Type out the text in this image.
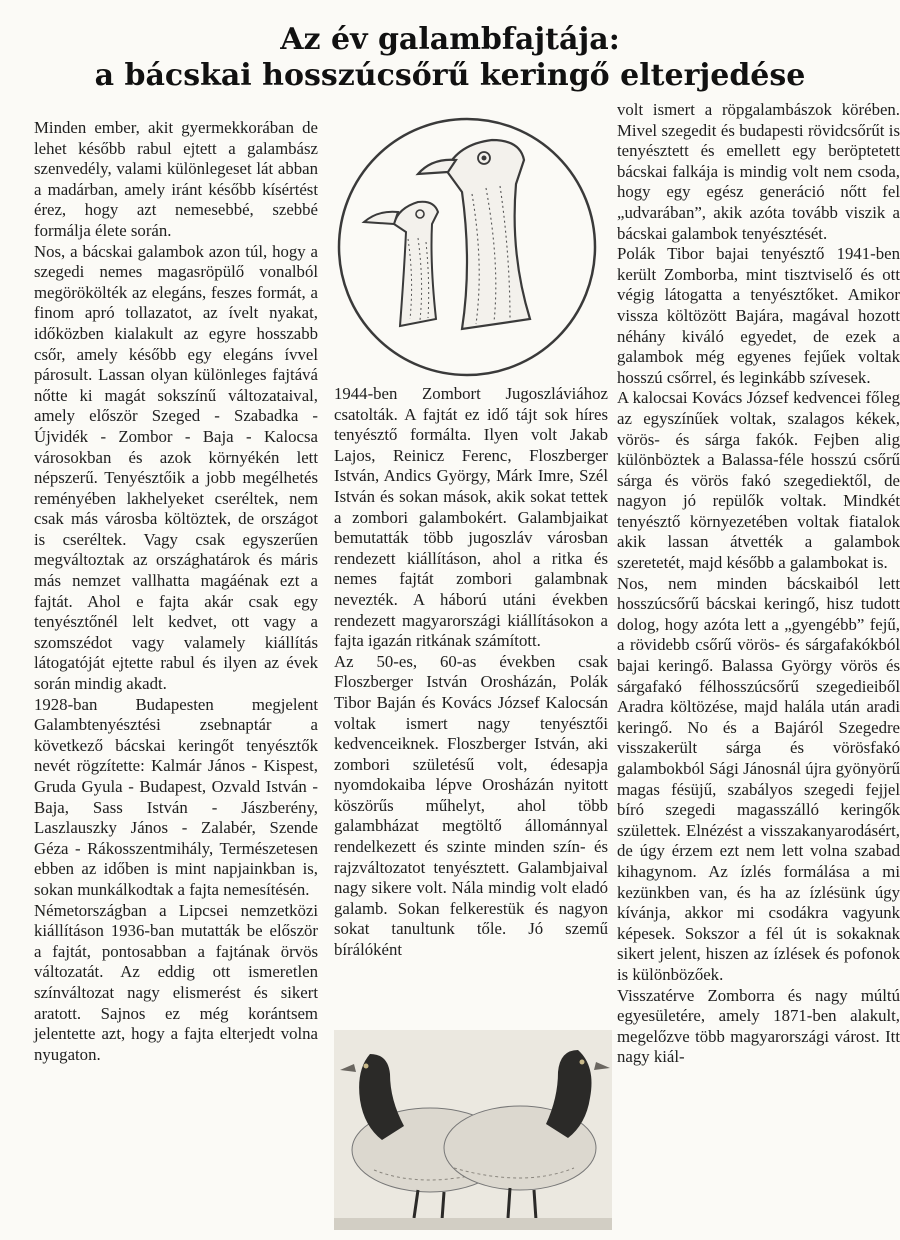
Az év galambfajtája:
a bácskai hosszúcsőrű keringő elterjedése

Minden ember, akit gyermekkorában de lehet később rabul ejtett a galambász szenvedély, valami különlegeset lát abban a madárban, amely iránt később kísértést érez, hogy azt nemesebbé, szebbé formálja élete során.

Nos, a bácskai galambok azon túl, hogy a szegedi nemes magasröpülő vonalból megörökölték az elegáns, feszes formát, a finom apró tollazatot, az ívelt nyakat, időközben kialakult az egyre hosszabb csőr, amely később egy elegáns ívvel párosult. Lassan olyan különleges fajtává nőtte ki magát sokszínű változataival, amely először Szeged - Szabadka - Újvidék - Zombor - Baja - Kalocsa városokban és azok környékén lett népszerű. Tenyésztőik a jobb megélhetés reményében lakhelyeket cseréltek, nem csak más városba költöztek, de országot is cseréltek. Vagy csak egyszerűen megváltoztak az országhatárok és máris más nemzet vallhatta magáénak ezt a fajtát. Ahol e fajta akár csak egy tenyésztőnél lelt kedvet, ott vagy a szomszédot vagy valamely kiállítás látogatóját ejtette rabul és ilyen az évek során mindig akadt.

1928-ban Budapesten megjelent Galambtenyésztési zsebnaptár a következő bácskai keringőt tenyésztők nevét rögzítette: Kalmár János - Kispest, Gruda Gyula - Budapest, Ozvald István - Baja, Sass István - Jászberény, Laszlauszky János - Zalabér, Szende Géza - Rákosszentmihály, Természetesen ebben az időben is mint napjainkban is, sokan munkálkodtak a fajta nemesítésén.

Németországban a Lipcsei nemzetközi kiállításon 1936-ban mutatták be először a fajtát, pontosabban a fajtának örvös változatát. Az eddig ott ismeretlen színváltozat nagy elismerést és sikert aratott. Sajnos ez még korántsem jelentette azt, hogy a fajta elterjedt volna nyugaton.

1944-ben Zombort Jugoszláviához csatolták. A fajtát ez idő tájt sok híres tenyésztő formálta. Ilyen volt Jakab Lajos, Reinicz Ferenc, Floszberger István, Andics György, Márk Imre, Szél István és sokan mások, akik sokat tettek a zombori galambokért. Galambjaikat bemutatták több jugoszláv városban rendezett kiállításon, ahol a ritka és nemes fajtát zombori galambnak nevezték. A háború utáni években rendezett magyarországi kiállításokon a fajta igazán ritkának számított.

Az 50-es, 60-as években csak Floszberger István Orosházán, Polák Tibor Baján és Kovács József Kalocsán voltak ismert nagy tenyésztői kedvenceiknek. Floszberger István, aki zombori születésű volt, édesapja nyomdokaiba lépve Orosházán nyitott köszörűs műhelyt, ahol több galambházat megtöltő állománnyal rendelkezett és szinte minden szín- és rajzváltozatot tenyésztett. Galambjaival nagy sikere volt. Nála mindig volt eladó galamb. Sokan felkerestük és nagyon sokat tanultunk tőle. Jó szemű bírálóként

volt ismert a röpgalambászok körében. Mivel szegedit és budapesti rövidcsőrűt is tenyésztett és emellett egy beröptetett bácskai falkája is mindig volt nem csoda, hogy egy egész generáció nőtt fel „udvarában”, akik azóta tovább viszik a bácskai galambok tenyésztését.

Polák Tibor bajai tenyésztő 1941-ben került Zomborba, mint tisztviselő és ott végig látogatta a tenyésztőket. Amikor vissza költözött Bajára, magával hozott néhány kiváló egyedet, de ezek a galambok még egyenes fejűek voltak hosszú csőrrel, és leginkább szívesek.

A kalocsai Kovács József kedvencei főleg az egyszínűek voltak, szalagos kékek, vörös- és sárga fakók. Fejben alig különböztek a Balassa-féle hosszú csőrű sárga és vörös fakó szegediektől, de nagyon jó repülők voltak. Mindkét tenyésztő környezetében voltak fiatalok akik lassan átvették a galambok szeretetét, majd később a galambokat is.

Nos, nem minden bácskaiból lett hosszúcsőrű bácskai keringő, hisz tudott dolog, hogy azóta lett a „gyengébb” fejű, a rövidebb csőrű vörös- és sárgafakókból bajai keringő. Balassa György vörös és sárgafakó félhosszúcsőrű szegedieiből Aradra költözése, majd halála után aradi keringő. No és a Bajáról Szegedre visszakerült sárga és vörösfakó galambokból Sági Jánosnál újra gyönyörű magas fésüjű, szabályos szegedi fejjel bíró szegedi magasszálló keringők születtek. Elnézést a visszakanyarodásért, de úgy érzem ezt nem lett volna szabad kihagynom. Az ízlés formálása a mi kezünkben van, és ha az ízlésünk úgy kívánja, akkor mi csodákra vagyunk képesek. Sokszor a fél út is sokaknak sikert jelent, hiszen az ízlések és pofonok is különbözőek.

Visszatérve Zomborra és nagy múltú egyesületére, amely 1871-ben alakult, megelőzve több magyarországi várost. Itt nagy kiál-
